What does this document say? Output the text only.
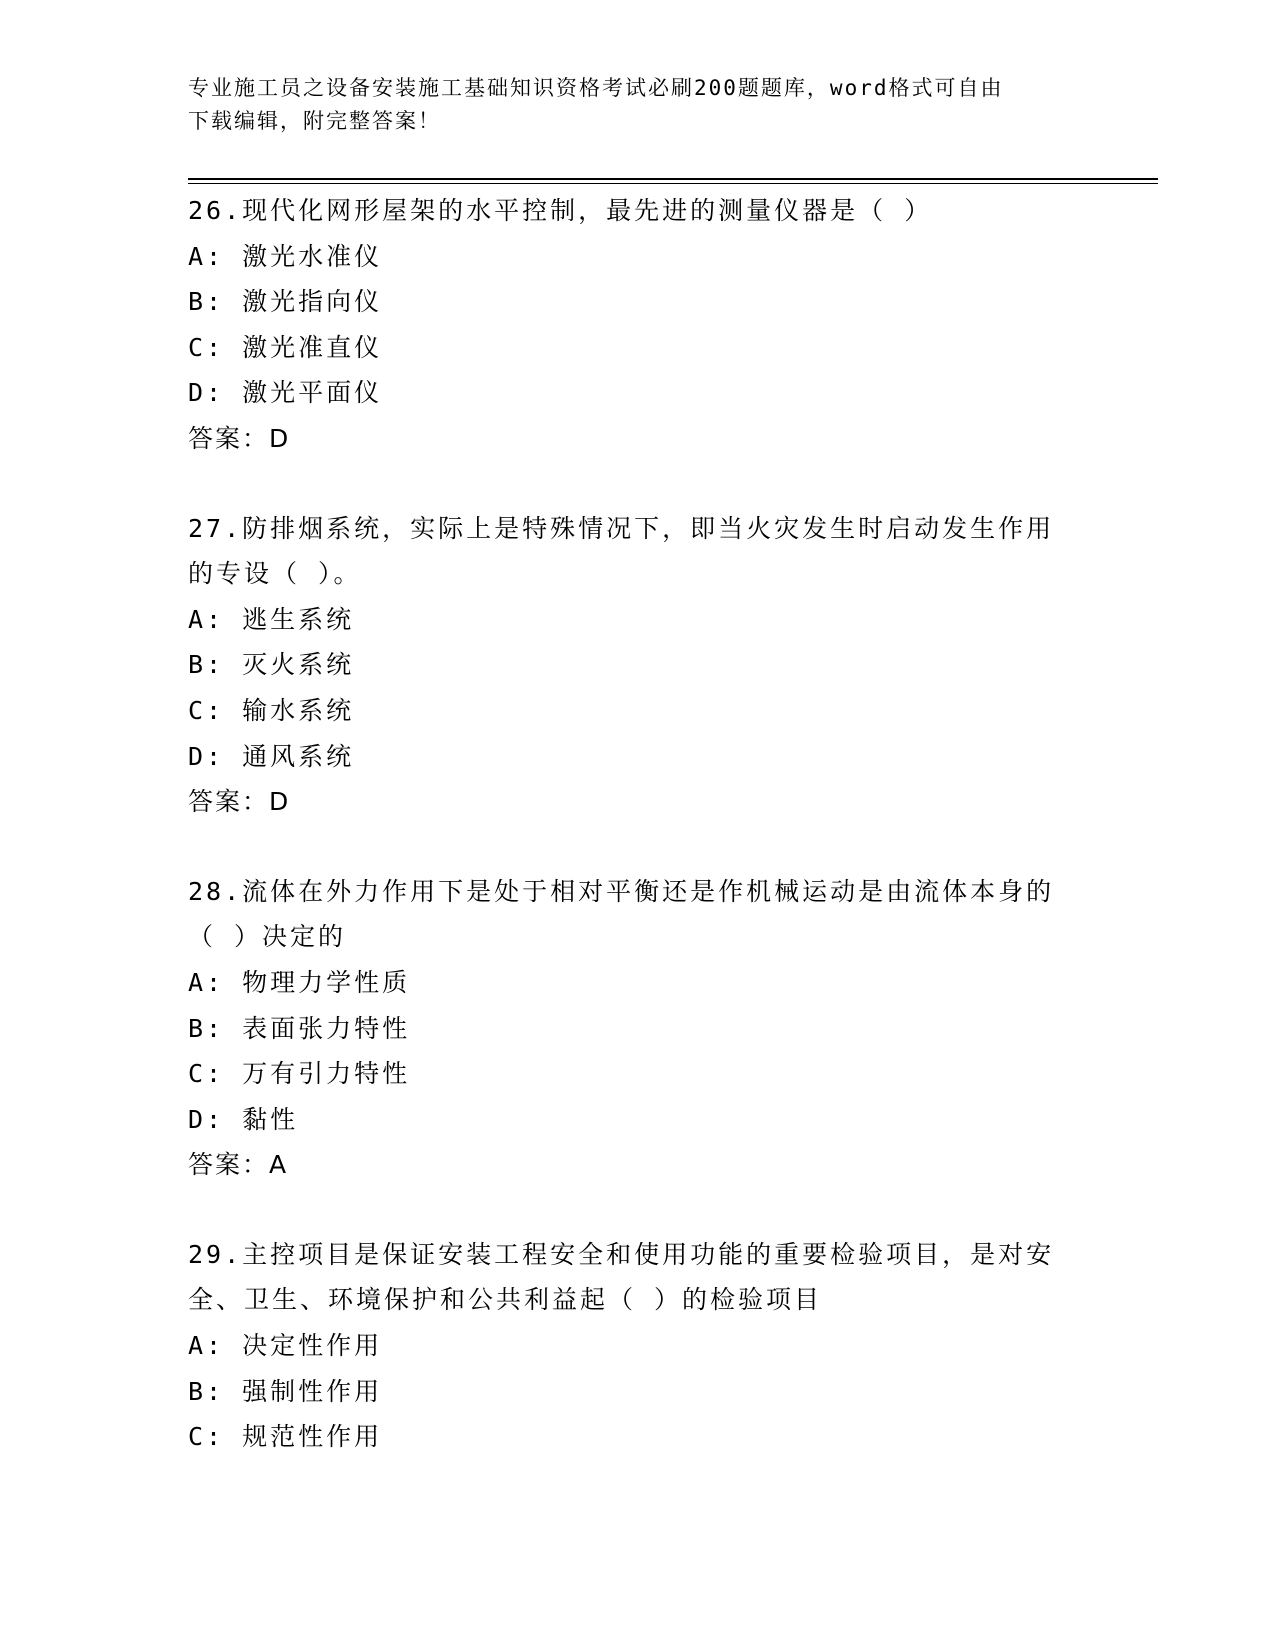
专业施工员之设备安装施工基础知识资格考试必刷200题题库，word格式可自由
下载编辑，附完整答案！
26.现代化网形屋架的水平控制，最先进的测量仪器是（ ）
A: 激光水准仪
B: 激光指向仪
C: 激光准直仪
D: 激光平面仪
答案：D
27.防排烟系统，实际上是特殊情况下，即当火灾发生时启动发生作用
的专设（ ）。
A: 逃生系统
B: 灭火系统
C: 输水系统
D: 通风系统
答案：D
28.流体在外力作用下是处于相对平衡还是作机械运动是由流体本身的
（ ）决定的
A: 物理力学性质
B: 表面张力特性
C: 万有引力特性
D: 黏性
答案：A
29.主控项目是保证安装工程安全和使用功能的重要检验项目，是对安
全、卫生、环境保护和公共利益起（ ）的检验项目
A: 决定性作用
B: 强制性作用
C: 规范性作用
